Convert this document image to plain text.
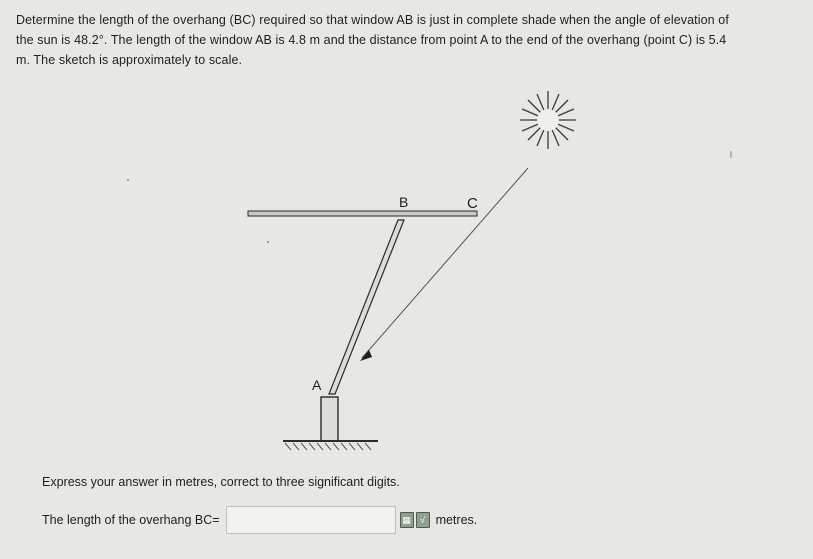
Determine the length of the overhang (BC) required so that window AB is just in complete shade when the angle of elevation of
the sun is 48.2°. The length of the window AB is 4.8 m and the distance from point A to the end of the overhang (point C) is 5.4
m. The sketch is approximately to scale.
B	C
A
Express your answer in metres, correct to three significant digits.
The length of the overhang BC=	▦	√ metres.
